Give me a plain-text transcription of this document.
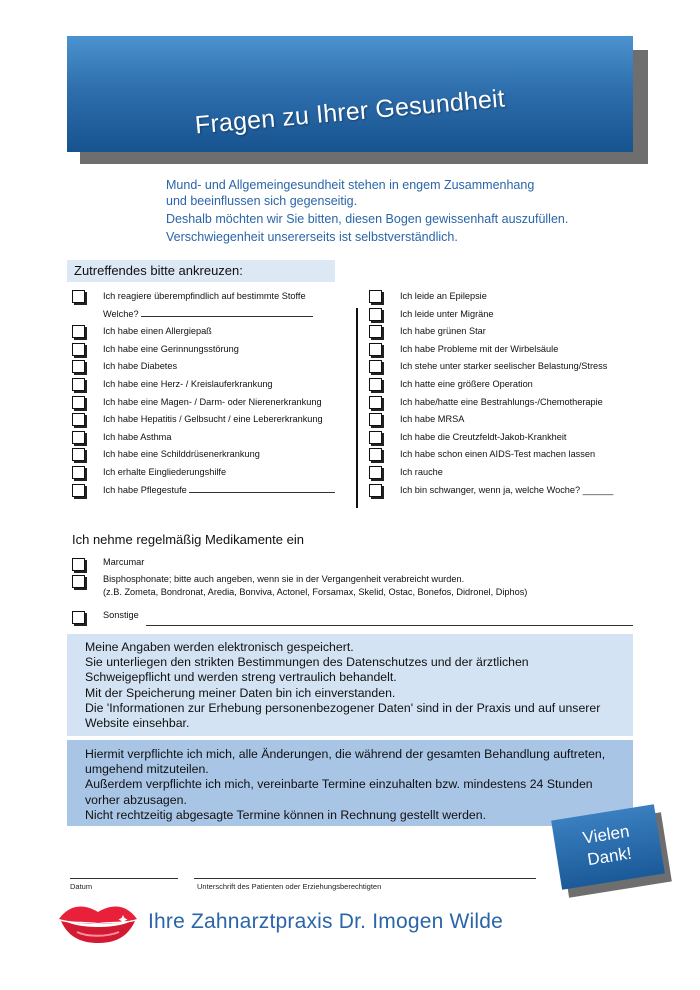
Fragen zu Ihrer Gesundheit

Mund- und Allgemeingesundheit stehen in engem Zusammenhang

und beeinflussen sich gegenseitig.

Deshalb möchten wir Sie bitten, diesen Bogen gewissenhaft auszufüllen.

Verschwiegenheit unsererseits ist selbstverständlich.

Zutreffendes bitte ankreuzen:
Ich reagiere überempfindlich auf bestimmte Stoffe
Welche?
Ich habe einen Allergiepaß
Ich habe eine Gerinnungsstörung
Ich habe Diabetes
Ich habe eine Herz- / Kreislauferkrankung
Ich habe eine Magen- / Darm- oder Nierenerkrankung
Ich habe Hepatitis / Gelbsucht / eine Lebererkrankung
Ich habe Asthma
Ich habe eine Schilddrüsenerkrankung
Ich erhalte Eingliederungshilfe
Ich habe Pflegestufe
Ich leide an Epilepsie
Ich leide unter Migräne
Ich habe grünen Star
Ich habe Probleme mit der Wirbelsäule
Ich stehe unter starker seelischer Belastung/Stress
Ich hatte eine größere Operation
Ich habe/hatte eine Bestrahlungs-/Chemotherapie
Ich habe MRSA
Ich habe die Creutzfeldt-Jakob-Krankheit
Ich habe schon einen AIDS-Test machen lassen
Ich rauche
Ich bin schwanger, wenn ja, welche Woche? ______
Ich nehme regelmäßig Medikamente ein
Marcumar
Bisphosphonate; bitte auch angeben, wenn sie in der Vergangenheit verabreicht wurden.
(z.B. Zometa, Bondronat, Aredia, Bonviva, Actonel, Forsamax, Skelid, Ostac, Bonefos, Didronel, Diphos)
Sonstige

Meine Angaben werden elektronisch gespeichert.

Sie unterliegen den strikten Bestimmungen des Datenschutzes und der ärztlichen

Schweigepflicht und werden streng vertraulich behandelt.

Mit der Speicherung meiner Daten bin ich einverstanden.

Die 'Informationen zur Erhebung personenbezogener Daten' sind in der Praxis und auf unserer

Website einsehbar.

Hiermit verpflichte ich mich, alle Änderungen, die während der gesamten Behandlung auftreten,

umgehend mitzuteilen.

Außerdem verpflichte ich mich, vereinbarte Termine einzuhalten bzw. mindestens 24 Stunden

vorher abzusagen.

Nicht rechtzeitig abgesagte Termine können in Rechnung gestellt werden.

Vielen
Dank!
Datum	Unterschrift des Patienten oder Erziehungsberechtigten
Ihre Zahnarztpraxis Dr. Imogen Wilde
